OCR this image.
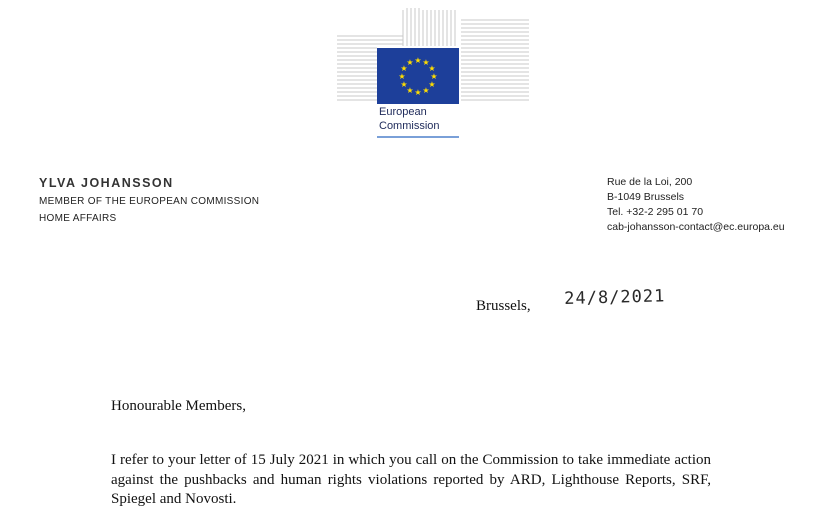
★ ★
★
★
★
★
★
★
★
★
★
★
European
Commission
YLVA JOHANSSON
MEMBER OF THE EUROPEAN COMMISSION
HOME AFFAIRS
Rue de la Loi, 200
B-1049 Brussels
Tel. +32-2 295 01 70
cab-johansson-contact@ec.europa.eu
Brussels, 24/8/2021
Honourable Members,
I refer to your letter of 15 July 2021 in which you call on the Commission to take immediate action against the pushbacks and human rights violations reported by ARD, Lighthouse Reports, SRF, Spiegel and Novosti.
